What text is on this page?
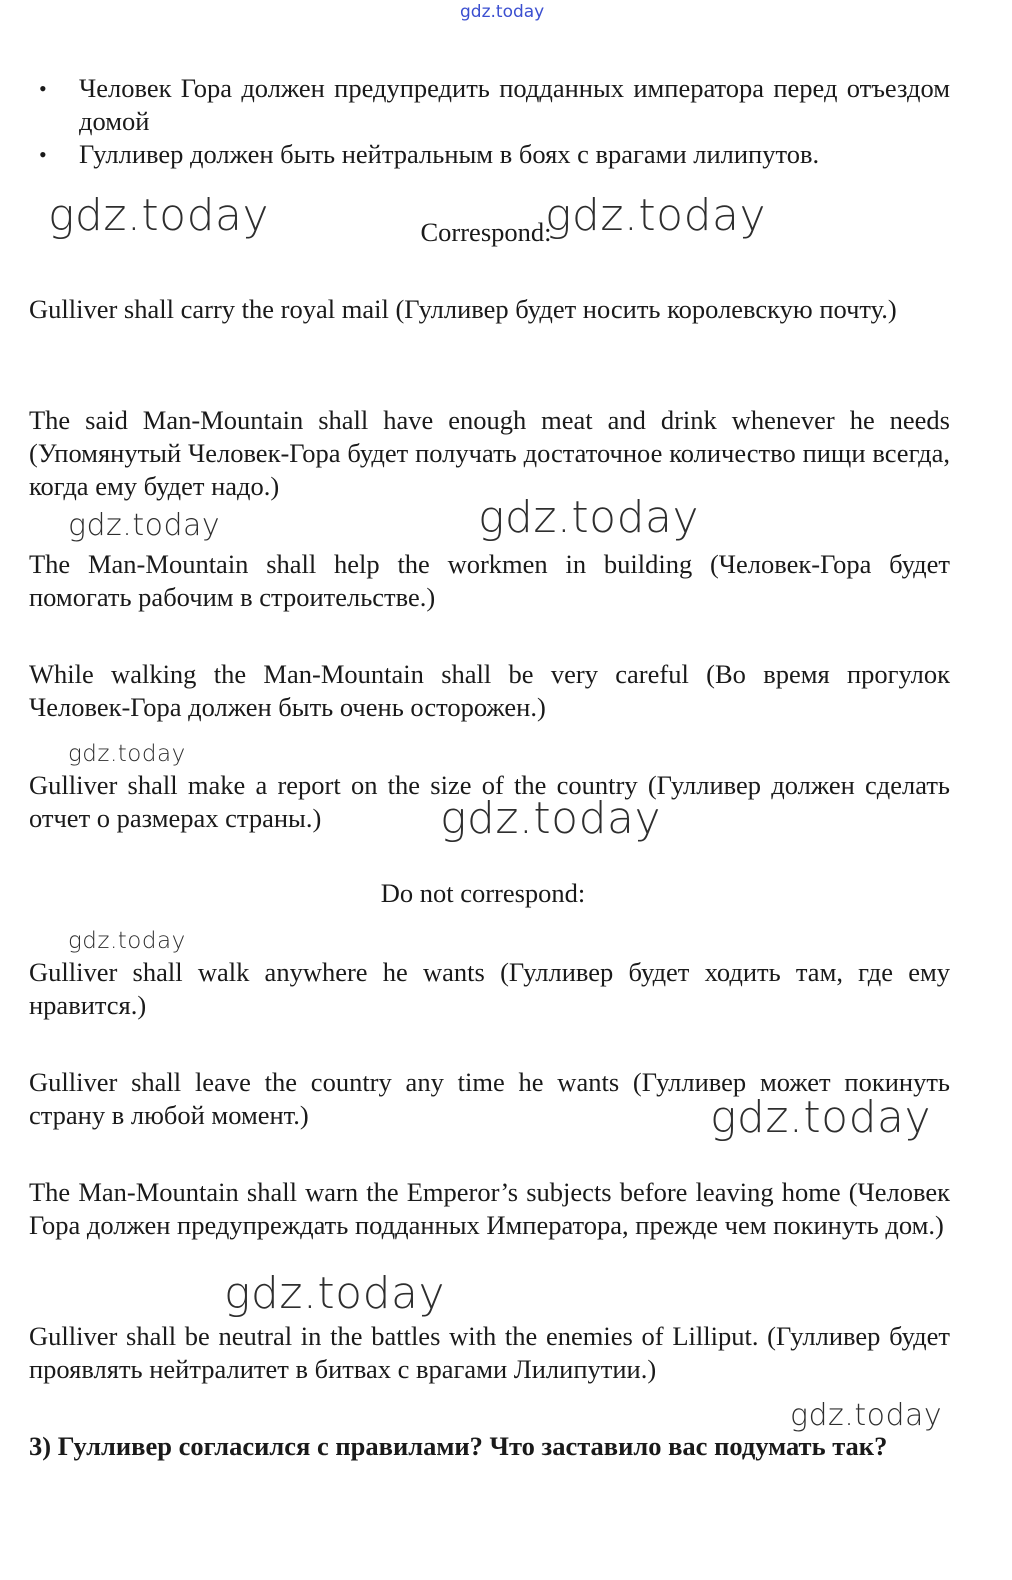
gdz.today
• Человек Гора должен предупредить подданных императора перед отъездом домой
• Гулливер должен быть нейтральным в боях с врагами лилипутов.
gdz.today	Correspond:
gdz.today

Gulliver shall carry the royal mail (Гулливер будет носить королевскую почту.)

The said Man-Mountain shall have enough meat and drink whenever he needs (Упомянутый Человек-Гора будет получать достаточное количество пищи всегда, когда ему будет надо.)

gdz.today	gdz.today

The Man-Mountain shall help the workmen in building (Человек-Гора будет помогать рабочим в строительстве.)

While walking the Man-Mountain shall be very careful (Во время прогулок Человек-Гора должен быть очень осторожен.)

gdz.today

Gulliver shall make a report on the size of the country (Гулливер должен сделать отчет о размерах страны.)	gdz.today
Do not correspond:
gdz.today

Gulliver shall walk anywhere he wants (Гулливер будет ходить там, где ему нравится.)

Gulliver shall leave the country any time he wants (Гулливер может покинуть страну в любой момент.)	gdz.today

The Man-Mountain shall warn the Emperor’s subjects before leaving home (Человек Гора должен предупреждать подданных Императора, прежде чем покинуть дом.)

gdz.today

Gulliver shall be neutral in the battles with the enemies of Lilliput. (Гулливер будет проявлять нейтралитет в битвах с врагами Лилипутии.)

gdz.today
3) Гулливер согласился с правилами? Что заставило вас подумать так?
